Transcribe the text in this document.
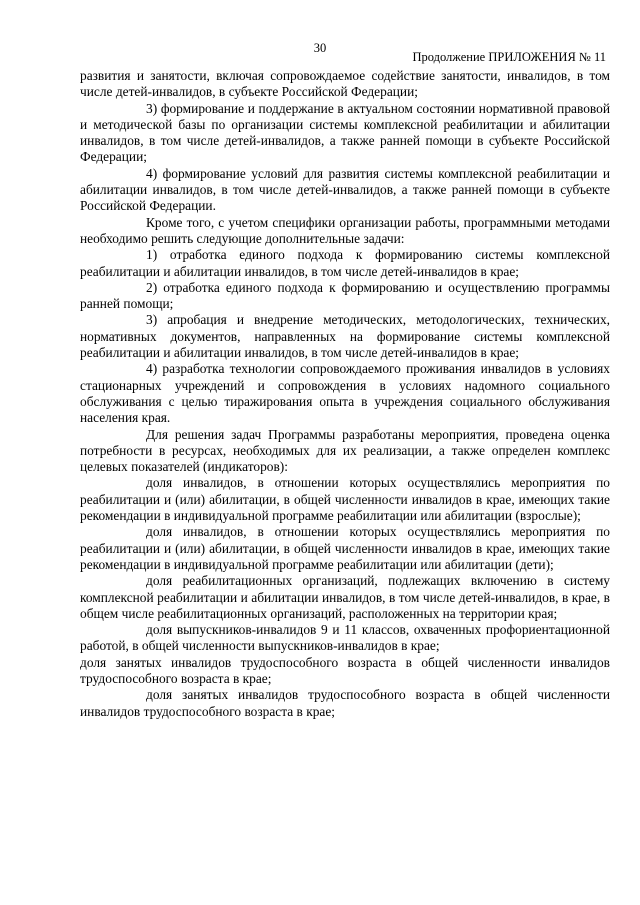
30
Продолжение ПРИЛОЖЕНИЯ № 11

развития и занятости, включая сопровождаемое содействие занятости, инвалидов, в том числе детей-инвалидов, в субъекте Российской Федерации;

3) формирование и поддержание в актуальном состоянии нормативной правовой и методической базы по организации системы комплексной реабилитации и абилитации инвалидов, в том числе детей-инвалидов, а также ранней помощи в субъекте Российской Федерации;

4) формирование условий для развития системы комплексной реабилитации и абилитации инвалидов, в том числе детей-инвалидов, а также ранней помощи в субъекте Российской Федерации.

Кроме того, с учетом специфики организации работы, программными методами необходимо решить следующие дополнительные задачи:

1) отработка единого подхода к формированию системы комплексной реабилитации и абилитации инвалидов, в том числе детей-инвалидов в крае;

2) отработка единого подхода к формированию и осуществлению программы ранней помощи;

3) апробация и внедрение методических, методологических, технических, нормативных документов, направленных на формирование системы комплексной реабилитации и абилитации инвалидов, в том числе детей-инвалидов в крае;

4) разработка технологии сопровождаемого проживания инвалидов в условиях стационарных учреждений и сопровождения в условиях надомного социального обслуживания с целью тиражирования опыта в учреждения социального обслуживания населения края.

Для решения задач Программы разработаны мероприятия, проведена оценка потребности в ресурсах, необходимых для их реализации, а также определен комплекс целевых показателей (индикаторов):

доля инвалидов, в отношении которых осуществлялись мероприятия по реабилитации и (или) абилитации, в общей численности инвалидов в крае, имеющих такие рекомендации в индивидуальной программе реабилитации или абилитации (взрослые);

доля инвалидов, в отношении которых осуществлялись мероприятия по реабилитации и (или) абилитации, в общей численности инвалидов в крае, имеющих такие рекомендации в индивидуальной программе реабилитации или абилитации (дети);

доля реабилитационных организаций, подлежащих включению в систему комплексной реабилитации и абилитации инвалидов, в том числе детей-инвалидов, в крае, в общем числе реабилитационных организаций, расположенных на территории края;

доля выпускников-инвалидов 9 и 11 классов, охваченных профориентационной работой, в общей численности выпускников-инвалидов в крае;

доля занятых инвалидов трудоспособного возраста в общей численности инвалидов трудоспособного возраста в крае;

доля занятых инвалидов трудоспособного возраста в общей численности инвалидов трудоспособного возраста в крае;
